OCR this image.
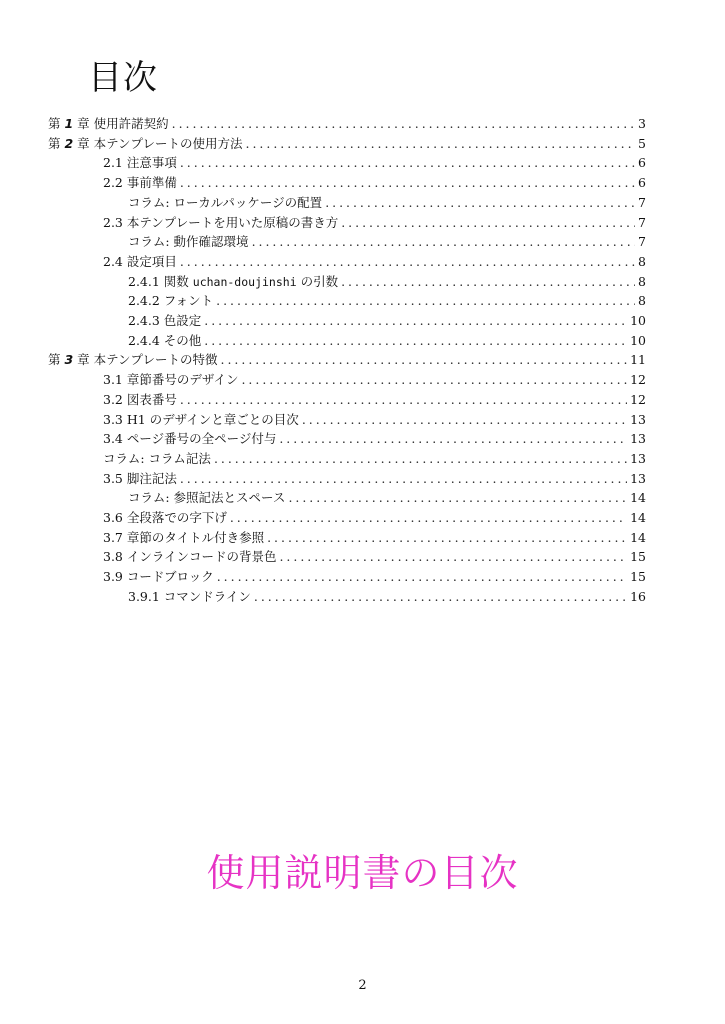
目次
第 1 章 使用許諾契約 . . .	3
第 2 章 本テンプレートの使用方法 . . .	5
2.1 注意事項 . . .	6
2.2 事前準備 . . .	6
コラム: ローカルパッケージの配置 . . .	7
2.3 本テンプレートを用いた原稿の書き方 . . .	7
コラム: 動作確認環境 . . .	7
2.4 設定項目 . . .	8
2.4.1 関数 uchan-doujinshi の引数 . . .	8
2.4.2 フォント . . .	8
2.4.3 色設定 . . .	10
2.4.4 その他 . . .	10
第 3 章 本テンプレートの特徴 . . .	11
3.1 章節番号のデザイン . . .	12
3.2 図表番号 . . .	12
3.3 H1 のデザインと章ごとの目次 . . .	13
3.4 ページ番号の全ページ付与 . . .	13
コラム: コラム記法 . . .	13
3.5 脚注記法 . . .	13
コラム: 参照記法とスペース . . .	14
3.6 全段落での字下げ . . .	14
3.7 章節のタイトル付き参照 . . .	14
3.8 インラインコードの背景色 . . .	15
3.9 コードブロック . . .	15
3.9.1 コマンドライン . . .	16
使用説明書の目次
2
